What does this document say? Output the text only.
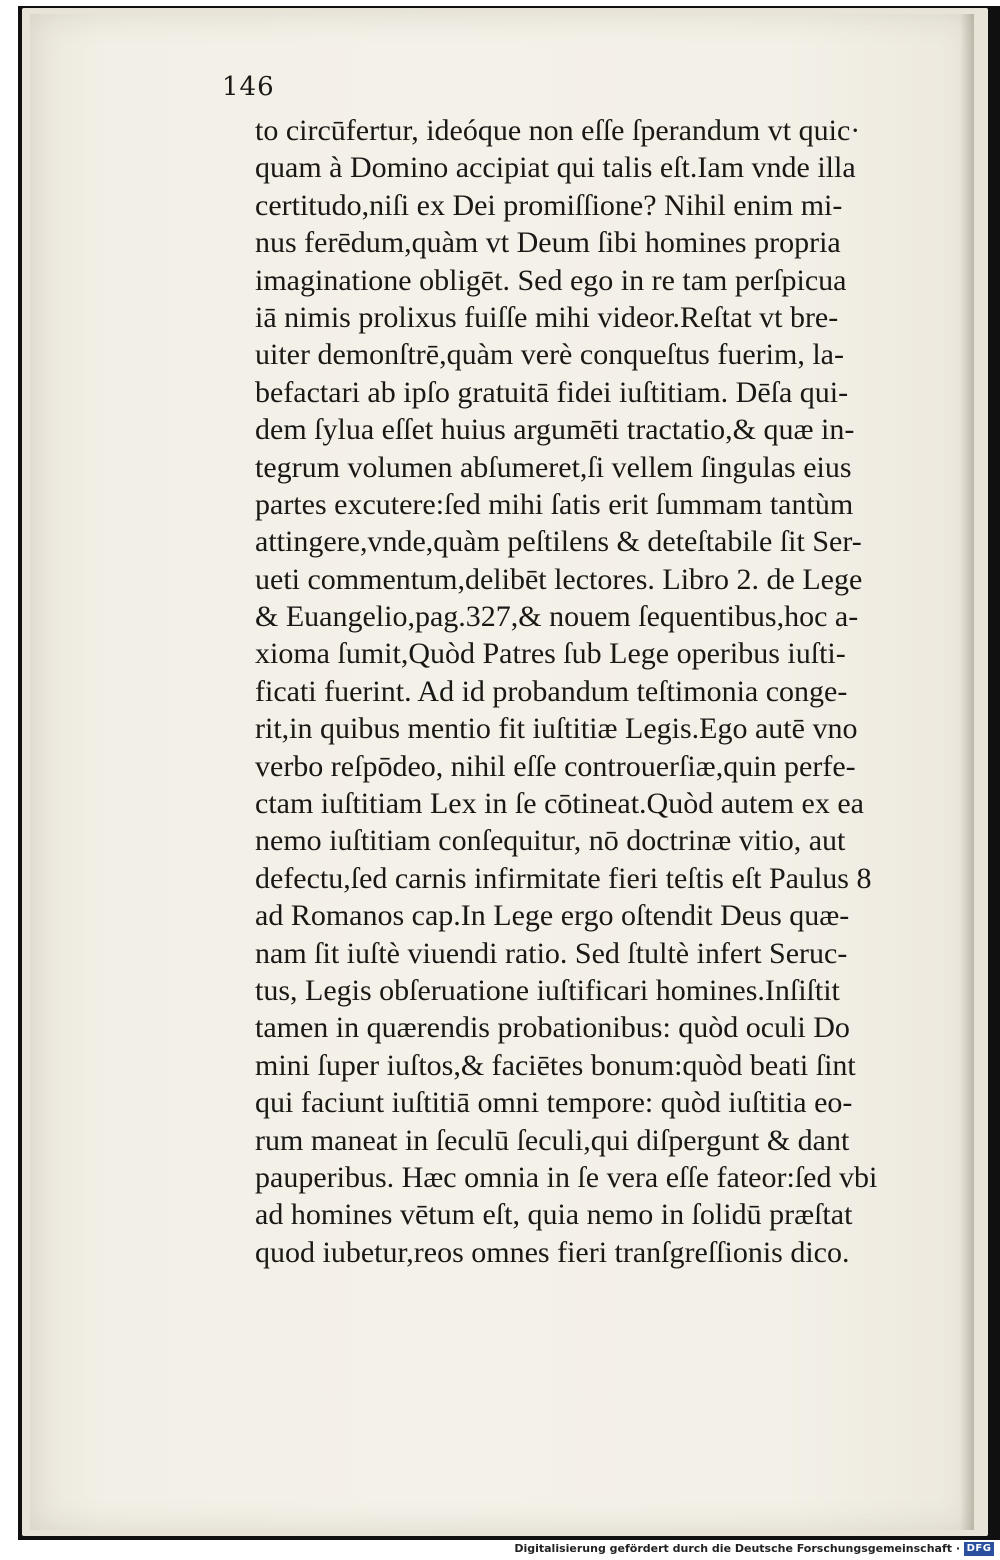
146
to circūfertur, ideóque non eſſe ſperandum vt quic·
quam à Domino accipiat qui talis eſt.Iam vnde illa
certitudo,niſi ex Dei promiſſione? Nihil enim mi-
nus ferēdum,quàm vt Deum ſibi homines propria
imaginatione obligēt. Sed ego in re tam perſpicua
iā nimis prolixus fuiſſe mihi videor.Reſtat vt bre-
uiter demonſtrē,quàm verè conqueſtus fuerim, la-
befactari ab ipſo gratuitā fidei iuſtitiam. Dēſa qui-
dem ſylua eſſet huius argumēti tractatio,& quæ in-
tegrum volumen abſumeret,ſi vellem ſingulas eius
partes excutere:ſed mihi ſatis erit ſummam tantùm
attingere,vnde,quàm peſtilens & deteſtabile ſit Ser-
ueti commentum,delibēt lectores. Libro 2. de Lege
& Euangelio,pag.327,& nouem ſequentibus,hoc a-
xioma ſumit,Quòd Patres ſub Lege operibus iuſti-
ficati fuerint. Ad id probandum teſtimonia conge-
rit,in quibus mentio fit iuſtitiæ Legis.Ego autē vno
verbo reſpōdeo, nihil eſſe controuerſiæ,quin perfe-
ctam iuſtitiam Lex in ſe cōtineat.Quòd autem ex ea
nemo iuſtitiam conſequitur, nō doctrinæ vitio, aut
defectu,ſed carnis infirmitate fieri teſtis eſt Paulus 8
ad Romanos cap.In Lege ergo oſtendit Deus quæ-
nam ſit iuſtè viuendi ratio. Sed ſtultè infert Seruc-
tus, Legis obſeruatione iuſtificari homines.Inſiſtit
tamen in quærendis probationibus: quòd oculi Do
mini ſuper iuſtos,& faciētes bonum:quòd beati ſint
qui faciunt iuſtitiā omni tempore: quòd iuſtitia eo-
rum maneat in ſeculū ſeculi,qui diſpergunt & dant
pauperibus. Hæc omnia in ſe vera eſſe fateor:ſed vbi
ad homines vētum eſt, quia nemo in ſolidū præſtat
quod iubetur,reos omnes fieri tranſgreſſionis dico.
Digitalisierung gefördert durch die Deutsche Forschungsgemeinschaft · DFG
